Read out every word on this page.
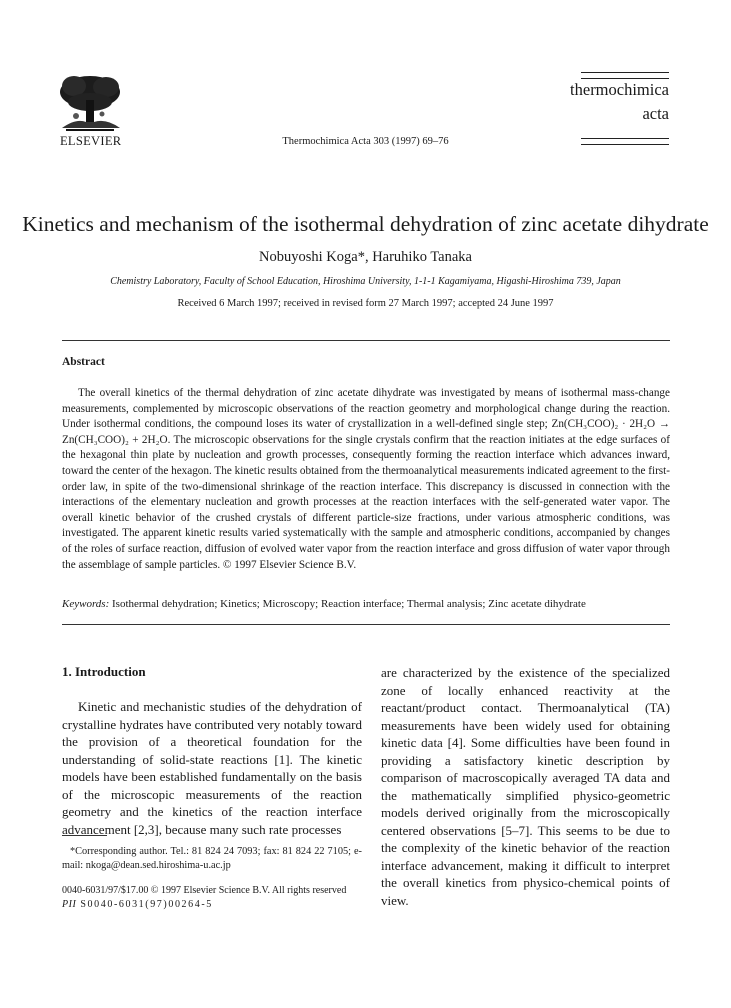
ELSEVIER	Thermochimica Acta 303 (1997) 69–76
thermochimica
acta
Kinetics and mechanism of the isothermal dehydration of zinc acetate dihydrate
Nobuyoshi Koga*, Haruhiko Tanaka
Chemistry Laboratory, Faculty of School Education, Hiroshima University, 1-1-1 Kagamiyama, Higashi-Hiroshima 739, Japan
Received 6 March 1997; received in revised form 27 March 1997; accepted 24 June 1997
Abstract
The overall kinetics of the thermal dehydration of zinc acetate dihydrate was investigated by means of isothermal mass-change measurements, complemented by microscopic observations of the reaction geometry and morphological change during the reaction. Under isothermal conditions, the compound loses its water of crystallization in a well-defined single step; Zn(CH₃COO)₂ · 2H₂O → Zn(CH₃COO)₂ + 2H₂O. The microscopic observations for the single crystals confirm that the reaction initiates at the edge surfaces of the hexagonal thin plate by nucleation and growth processes, consequently forming the reaction interface which advances inward, toward the center of the hexagon. The kinetic results obtained from the thermoanalytical measurements indicated agreement to the first-order law, in spite of the two-dimensional shrinkage of the reaction interface. This discrepancy is discussed in connection with the interactions of the elementary nucleation and growth processes at the reaction interfaces with the self-generated water vapor. The overall kinetic behavior of the crushed crystals of different particle-size fractions, under various atmospheric conditions, was investigated. The apparent kinetic results varied systematically with the sample and atmospheric conditions, accompanied by changes of the roles of surface reaction, diffusion of evolved water vapor from the reaction interface and gross diffusion of water vapor through the assemblage of sample particles. © 1997 Elsevier Science B.V.
Keywords: Isothermal dehydration; Kinetics; Microscopy; Reaction interface; Thermal analysis; Zinc acetate dihydrate
1. Introduction
Kinetic and mechanistic studies of the dehydration of crystalline hydrates have contributed very notably toward the provision of a theoretical foundation for the understanding of solid-state reactions [1]. The kinetic models have been established fundamentally on the basis of the microscopic measurements of the reaction geometry and the kinetics of the reaction interface advancement [2,3], because many such rate processes
are characterized by the existence of the specialized zone of locally enhanced reactivity at the reactant/product contact. Thermoanalytical (TA) measurements have been widely used for obtaining kinetic data [4]. Some difficulties have been found in providing a satisfactory kinetic description by comparison of macroscopically averaged TA data and the mathematically simplified physico-geometric models derived originally from the microscopically centered observations [5–7]. This seems to be due to the complexity of the kinetic behavior of the reaction interface advancement, making it difficult to interpret the overall kinetics from physico-chemical points of view.
*Corresponding author. Tel.: 81 824 24 7093; fax: 81 824 22 7105; e-mail: nkoga@dean.sed.hiroshima-u.ac.jp
0040-6031/97/$17.00 © 1997 Elsevier Science B.V. All rights reserved
PII S0040-6031(97)00264-5
